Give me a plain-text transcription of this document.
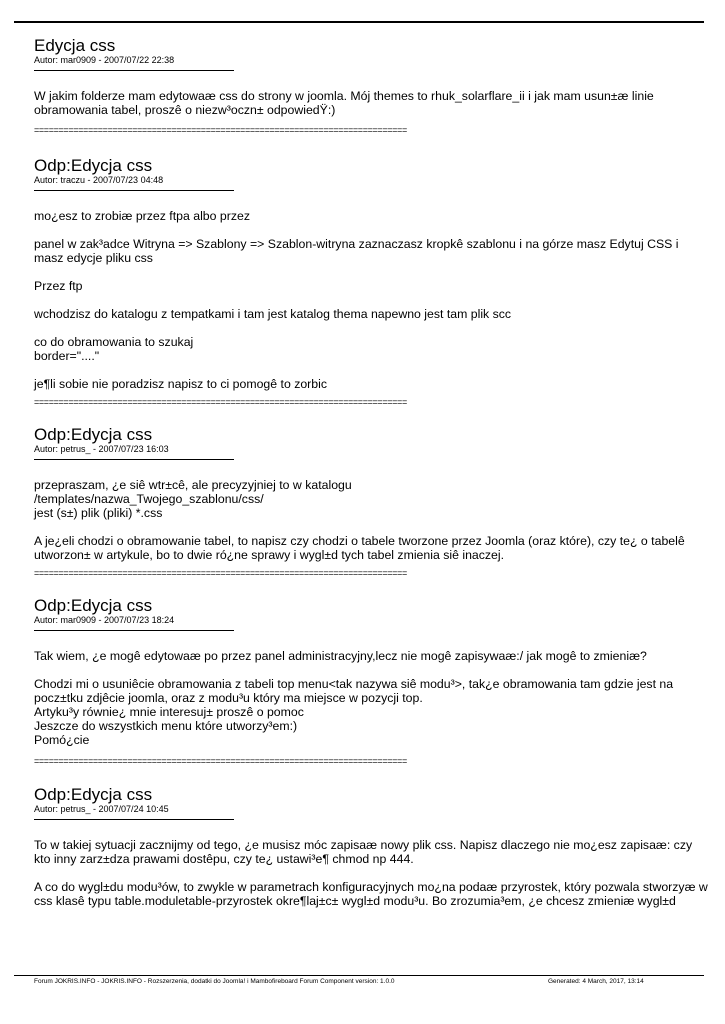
Edycja css
Autor: mar0909 - 2007/07/22 22:38

W jakim folderze mam edytowaæ css do strony w joomla. Mój themes to rhuk_solarflare_ii i jak mam usun±æ linie obramowania tabel, proszê o niezw³oczn± odpowiedŸ:)

============================================================================
Odp:Edycja css
Autor: traczu - 2007/07/23 04:48

mo¿esz to zrobiæ przez ftpa albo przez

panel w zak³adce Witryna => Szablony => Szablon-witryna zaznaczasz kropkê szablonu i na górze masz Edytuj CSS i masz edycje pliku css

Przez ftp

wchodzisz do katalogu z tempatkami i tam jest katalog thema napewno jest tam plik scc

co do obramowania to szukaj
border="...."

je¶li sobie nie poradzisz napisz to ci pomogê to zorbic

============================================================================
Odp:Edycja css
Autor: petrus_ - 2007/07/23 16:03

przepraszam, ¿e siê wtr±cê, ale precyzyjniej to w katalogu
/templates/nazwa_Twojego_szablonu/css/
jest (s±) plik (pliki) *.css

A je¿eli chodzi o obramowanie tabel, to napisz czy chodzi o tabele tworzone przez Joomla (oraz które), czy te¿ o tabelê utworzon± w artykule, bo to dwie ró¿ne sprawy i wygl±d tych tabel zmienia siê inaczej.

============================================================================
Odp:Edycja css
Autor: mar0909 - 2007/07/23 18:24

Tak wiem, ¿e mogê edytowaæ po przez panel administracyjny,lecz nie mogê zapisywaæ:/ jak mogê to zmieniæ?

Chodzi mi o usuniêcie obramowania z tabeli top menu<tak nazywa siê modu³>, tak¿e obramowania tam gdzie jest na pocz±tku zdjêcie joomla, oraz z modu³u który ma miejsce w pozycji top.
Artyku³y równie¿ mnie interesuj± proszê o pomoc
Jeszcze do wszystkich menu które utworzy³em:)
Pomó¿cie

============================================================================
Odp:Edycja css
Autor: petrus_ - 2007/07/24 10:45

To w takiej sytuacji zacznijmy od tego, ¿e musisz móc zapisaæ nowy plik css. Napisz dlaczego nie mo¿esz zapisaæ: czy kto inny zarz±dza prawami dostêpu, czy te¿ ustawi³e¶ chmod np 444.

A co do wygl±du modu³ów, to zwykle w parametrach konfiguracyjnych mo¿na podaæ przyrostek, który pozwala stworzyæ w css klasê typu table.moduletable-przyrostek okre¶laj±c± wygl±d modu³u. Bo zrozumia³em, ¿e chcesz zmieniæ wygl±d

Forum JOKRIS.INFO - JOKRIS.INFO - Rozszerzenia, dodatki do Joomla! i Mambofireboard Forum Component version: 1.0.0	Generated: 4 March, 2017, 13:14
